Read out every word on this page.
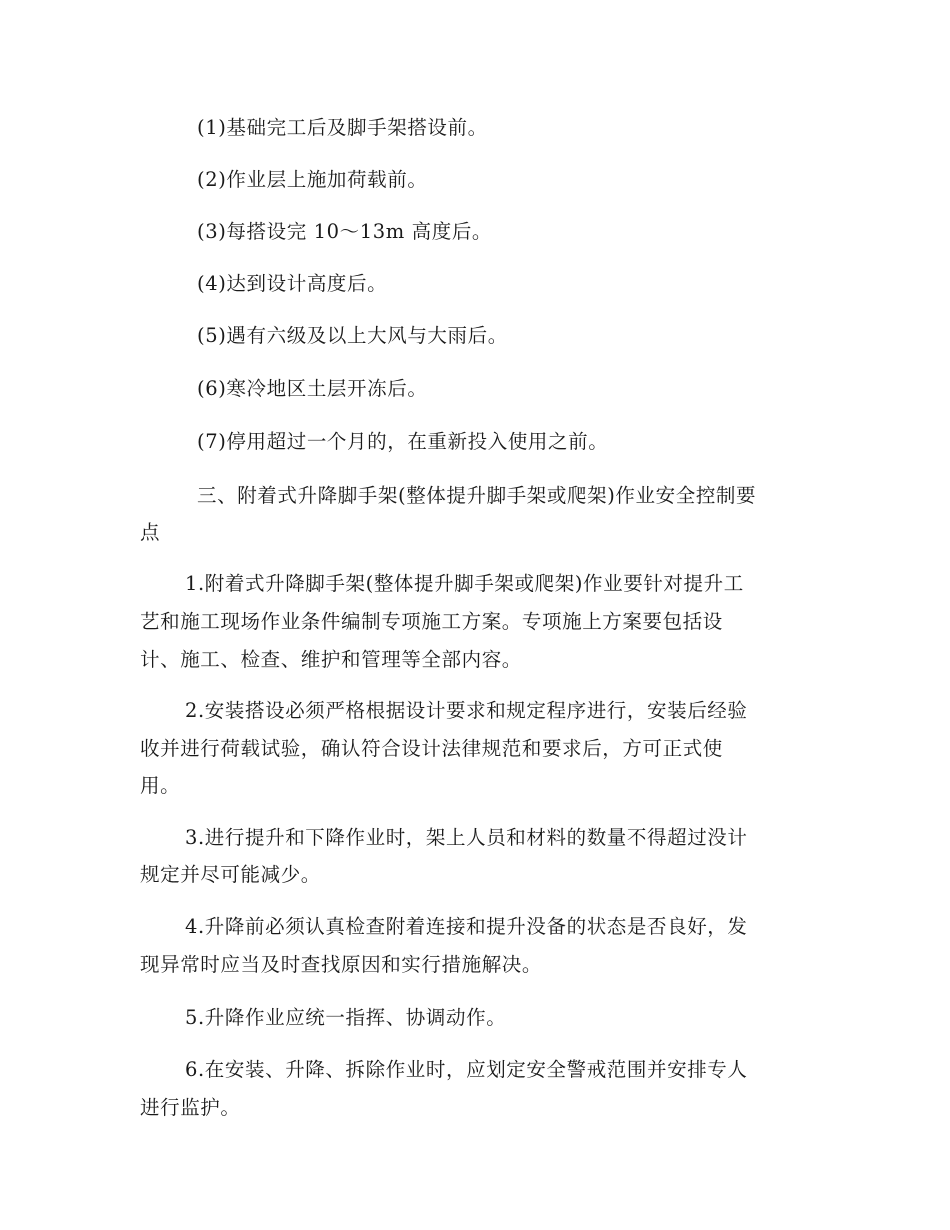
(1)基础完工后及脚手架搭设前。
(2)作业层上施加荷载前。
(3)每搭设完 10～13m 高度后。
(4)达到设计高度后。
(5)遇有六级及以上大风与大雨后。
(6)寒冷地区土层开冻后。
(7)停用超过一个月的，在重新投入使用之前。
三、附着式升降脚手架(整体提升脚手架或爬架)作业安全控制要
点
1.附着式升降脚手架(整体提升脚手架或爬架)作业要针对提升工
艺和施工现场作业条件编制专项施工方案。专项施上方案要包括设
计、施工、检查、维护和管理等全部内容。
2.安装搭设必须严格根据设计要求和规定程序进行，安装后经验
收并进行荷载试验，确认符合设计法律规范和要求后，方可正式使
用。
3.进行提升和下降作业时，架上人员和材料的数量不得超过没计
规定并尽可能减少。
4.升降前必须认真检查附着连接和提升没备的状态是否良好，发
现异常时应当及时查找原因和实行措施解决。
5.升降作业应统一指挥、协调动作。
6.在安装、升降、拆除作业时，应划定安全警戒范围并安排专人
进行监护。
